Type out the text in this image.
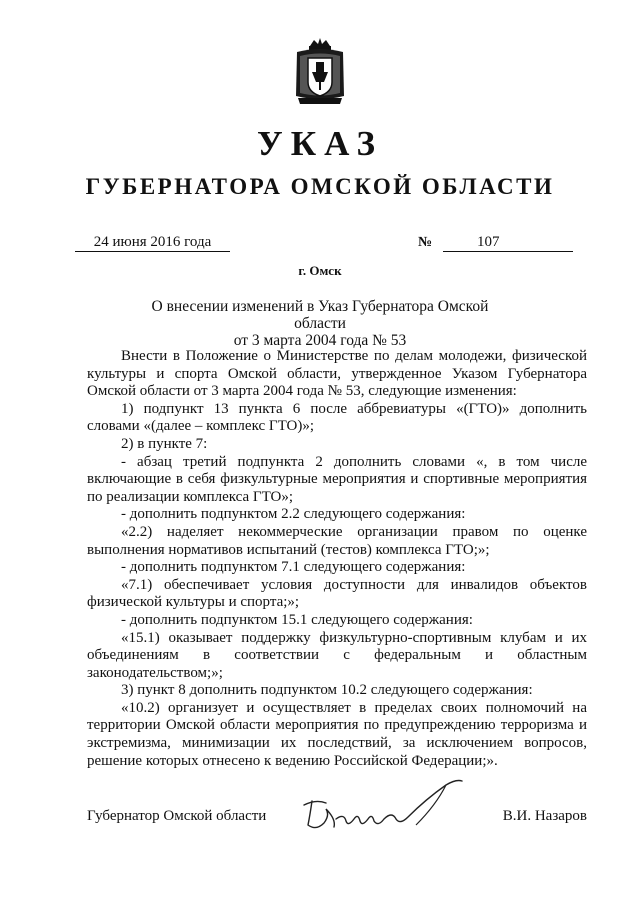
УКАЗ
ГУБЕРНАТОРА ОМСКОЙ ОБЛАСТИ
24 июня 2016 года	№	107
г. Омск
О внесении изменений в Указ Губернатора Омской области
от 3 марта 2004 года № 53

Внести в Положение о Министерстве по делам молодежи, физической культуры и спорта Омской области, утвержденное Указом Губернатора Омской области от 3 марта 2004 года № 53, следующие изменения:

1) подпункт 13 пункта 6 после аббревиатуры «(ГТО)» дополнить словами «(далее – комплекс ГТО)»;

2) в пункте 7:

- абзац третий подпункта 2 дополнить словами «, в том числе включающие в себя физкультурные мероприятия и спортивные мероприятия по реализации комплекса ГТО»;

- дополнить подпунктом 2.2 следующего содержания:

«2.2) наделяет некоммерческие организации правом по оценке выполнения нормативов испытаний (тестов) комплекса ГТО;»;

- дополнить подпунктом 7.1 следующего содержания:

«7.1) обеспечивает условия доступности для инвалидов объектов физической культуры и спорта;»;

- дополнить подпунктом 15.1 следующего содержания:

«15.1) оказывает поддержку физкультурно-спортивным клубам и их объединениям в соответствии с федеральным и областным законодательством;»;

3) пункт 8 дополнить подпунктом 10.2 следующего содержания:

«10.2) организует и осуществляет в пределах своих полномочий на территории Омской области мероприятия по предупреждению терроризма и экстремизма, минимизации их последствий, за исключением вопросов, решение которых отнесено к ведению Российской Федерации;».

Губернатор Омской области	В.И. Назаров
